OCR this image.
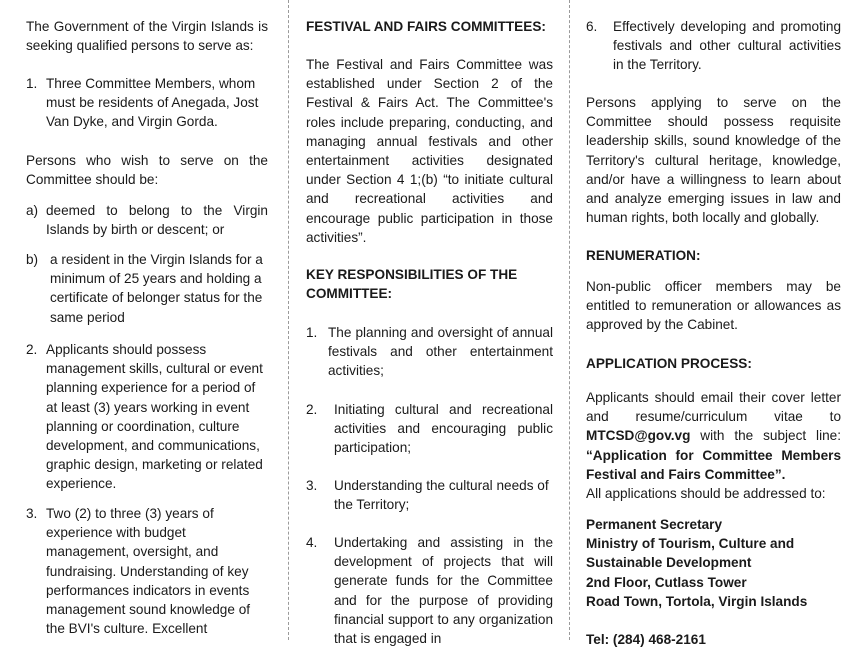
The Government of the Virgin Islands is seeking qualified persons to serve as:

1. Three Committee Members, whom must be residents of Anegada, Jost Van Dyke, and Virgin Gorda.

Persons who wish to serve on the Committee should be:

a) deemed to belong to the Virgin Islands by birth or descent; or

b) a resident in the Virgin Islands for a minimum of 25 years and holding a certificate of belonger status for the same period

2. Applicants should possess management skills, cultural or event planning experience for a period of at least (3) years working in event planning or coordination, culture development, and communications, graphic design, marketing or related experience.

3. Two (2) to three (3) years of experience with budget management, oversight, and fundraising. Understanding of key performances indicators in events management sound knowledge of the BVI's culture. Excellent

FESTIVAL AND FAIRS COMMITTEES:

The Festival and Fairs Committee was established under Section 2 of the Festival & Fairs Act. The Committee's roles include preparing, conducting, and managing annual festivals and other entertainment activities designated under Section 4 1;(b) “to initiate cultural and recreational activities and encourage public participation in those activities”.

KEY RESPONSIBILITIES OF THE COMMITTEE:

1. The planning and oversight of annual festivals and other entertainment activities;

2. Initiating cultural and recreational activities and encouraging public participation;

3. Understanding the cultural needs of the Territory;

4. Undertaking and assisting in the development of projects that will generate funds for the Committee and for the purpose of providing financial support to any organization that is engaged in

6. Effectively developing and promoting festivals and other cultural activities in the Territory.

Persons applying to serve on the Committee should possess requisite leadership skills, sound knowledge of the Territory's cultural heritage, knowledge, and/or have a willingness to learn about and analyze emerging issues in law and human rights, both locally and globally.

RENUMERATION:

Non-public officer members may be entitled to remuneration or allowances as approved by the Cabinet.

APPLICATION PROCESS:

Applicants should email their cover letter and resume/curriculum vitae to MTCSD@gov.vg with the subject line: “Application for Committee Members Festival and Fairs Committee”.

All applications should be addressed to:

Permanent Secretary
Ministry of Tourism, Culture and
Sustainable Development
2nd Floor, Cutlass Tower
Road Town, Tortola, Virgin Islands

Tel: (284) 468-2161
